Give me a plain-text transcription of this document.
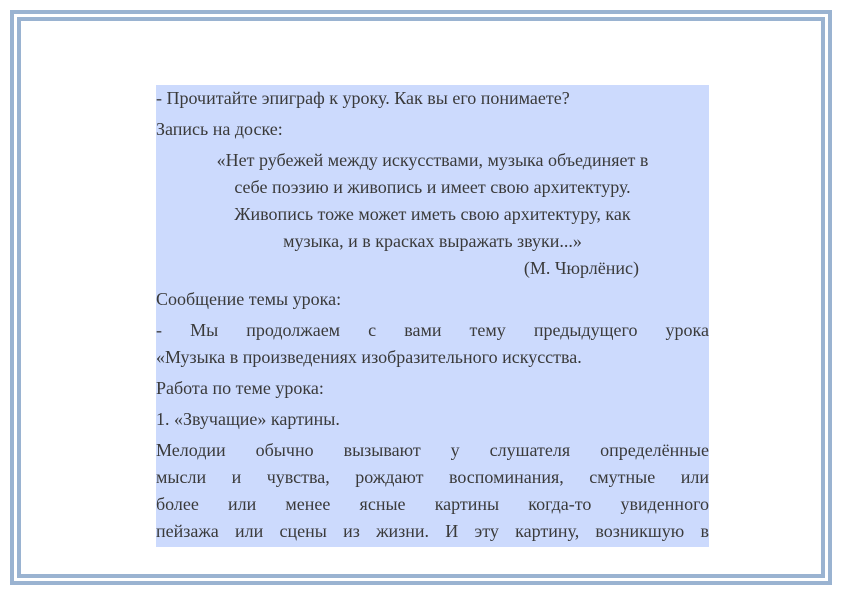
- Прочитайте эпиграф к уроку. Как вы его понимаете?
Запись на доске:
«Нет рубежей между искусствами, музыка объединяет в
себе поэзию и живопись и имеет свою архитектуру.
Живопись тоже может иметь свою архитектуру, как
музыка, и в красках выражать звуки...»
(М. Чюрлёнис)
Сообщение темы урока:
- Мы продолжаем с вами тему предыдущего урока
«Музыка в произведениях изобразительного искусства.
Работа по теме урока:
1. «Звучащие» картины.
Мелодии обычно вызывают у слушателя определённые
мысли и чувства, рождают воспоминания, смутные или
более или менее ясные картины когда-то увиденного
пейзажа или сцены из жизни. И эту картину, возникшую в
